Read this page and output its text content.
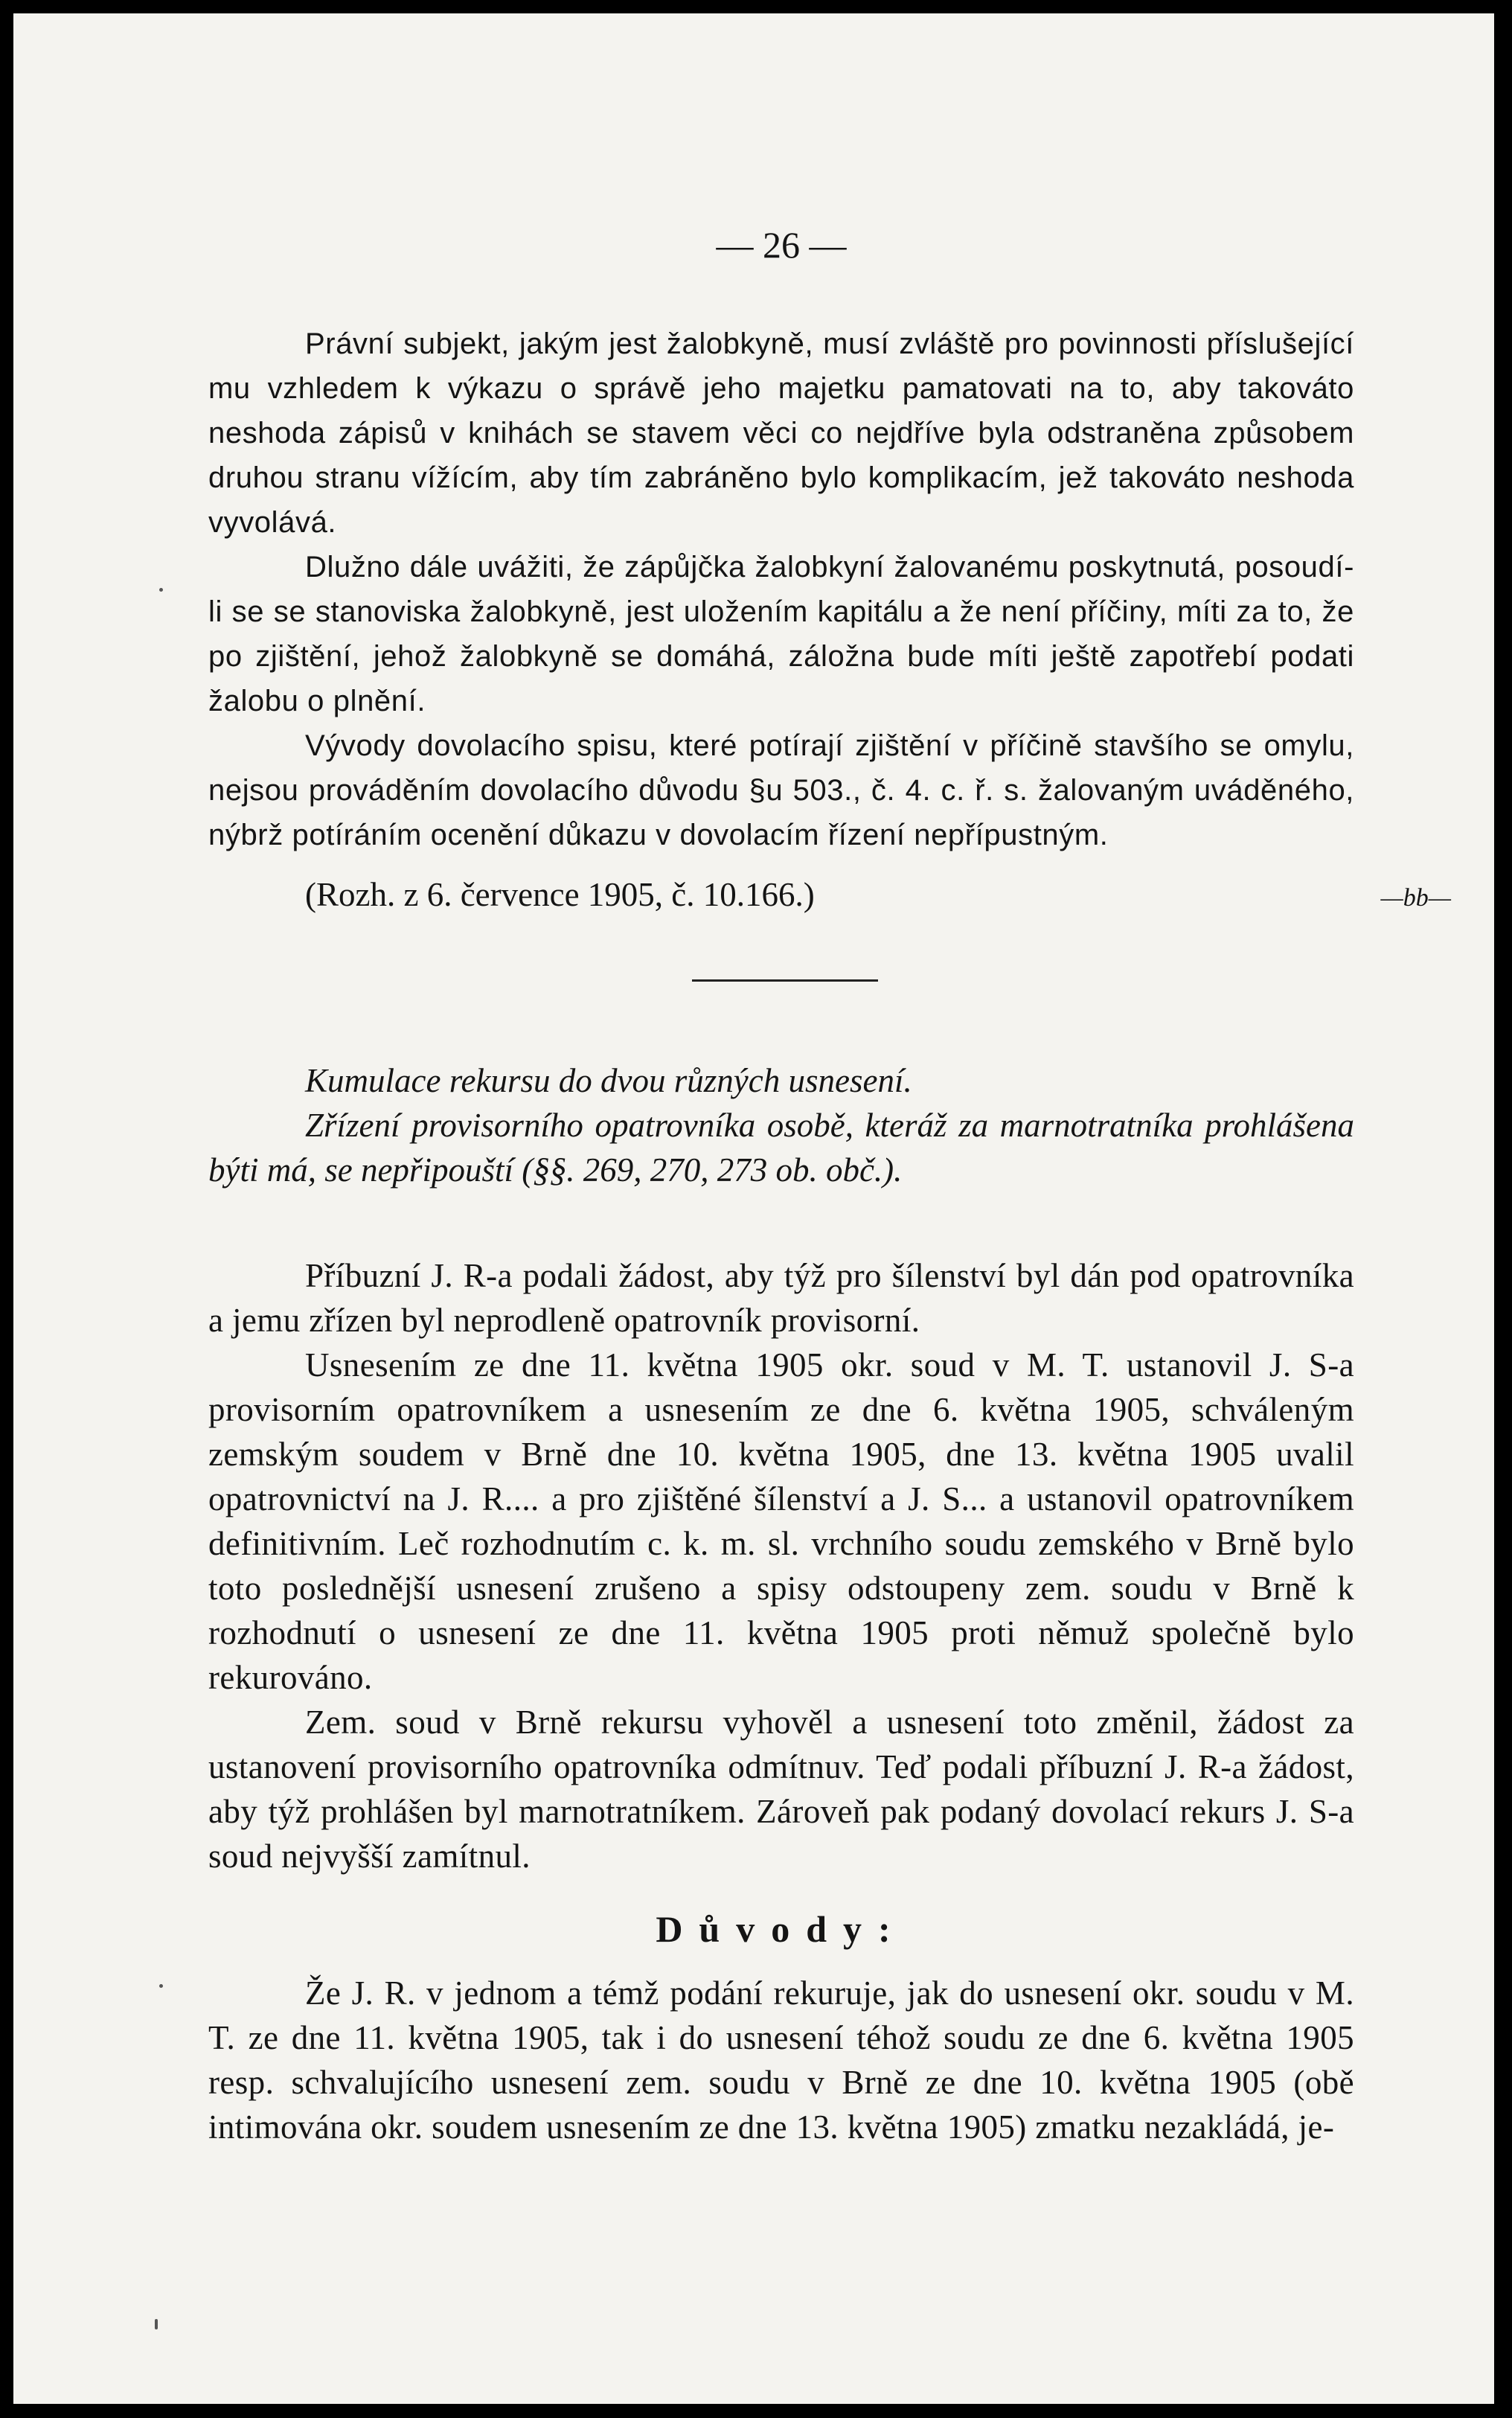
— 26 —

Právní subjekt, jakým jest žalobkyně, musí zvláště pro povinnosti příslušející mu vzhledem k výkazu o správě jeho majetku pamatovati na to, aby takováto neshoda zápisů v knihách se stavem věci co nejdříve byla odstraněna způsobem druhou stranu vížícím, aby tím zabráněno bylo komplikacím, jež takováto neshoda vyvolává.

Dlužno dále uvážiti, že zápůjčka žalobkyní žalovanému poskytnutá, posoudí-li se se stanoviska žalobkyně, jest uložením kapitálu a že není příčiny, míti za to, že po zjištění, jehož žalobkyně se domáhá, záložna bude míti ještě zapotřebí podati žalobu o plnění.

Vývody dovolacího spisu, které potírají zjištění v příčině stavšího se omylu, nejsou prováděním dovolacího důvodu §u 503., č. 4. c. ř. s. žalovaným uváděného, nýbrž potíráním ocenění důkazu v dovolacím řízení nepřípustným.

(Rozh. z 6. července 1905, č. 10.166.)	—bb—
Kumulace rekursu do dvou různých usnesení.
Zřízení provisorního opatrovníka osobě, kteráž za marnotratníka prohlášena býti má, se nepřipouští (§§. 269, 270, 273 ob. obč.).

Příbuzní J. R-a podali žádost, aby týž pro šílenství byl dán pod opatrovníka a jemu zřízen byl neprodleně opatrovník provisorní.

Usnesením ze dne 11. května 1905 okr. soud v M. T. ustanovil J. S-a provisorním opatrovníkem a usnesením ze dne 6. května 1905, schváleným zemským soudem v Brně dne 10. května 1905, dne 13. května 1905 uvalil opatrovnictví na J. R.... a pro zjištěné šílenství a J. S... a ustanovil opatrovníkem definitivním. Leč rozhodnutím c. k. m. sl. vrchního soudu zemského v Brně bylo toto poslednější usnesení zrušeno a spisy odstoupeny zem. soudu v Brně k rozhodnutí o usnesení ze dne 11. května 1905 proti němuž společně bylo rekurováno.

Zem. soud v Brně rekursu vyhověl a usnesení toto změnil, žádost za ustanovení provisorního opatrovníka odmítnuv. Teď podali příbuzní J. R-a žádost, aby týž prohlášen byl marnotratníkem. Zároveň pak podaný dovolací rekurs J. S-a soud nejvyšší zamítnul.

Důvody:

Že J. R. v jednom a témž podání rekuruje, jak do usnesení okr. soudu v M. T. ze dne 11. května 1905, tak i do usnesení téhož soudu ze dne 6. května 1905 resp. schvalujícího usnesení zem. soudu v Brně ze dne 10. května 1905 (obě intimována okr. soudem usnesením ze dne 13. května 1905) zmatku nezakládá, je-
